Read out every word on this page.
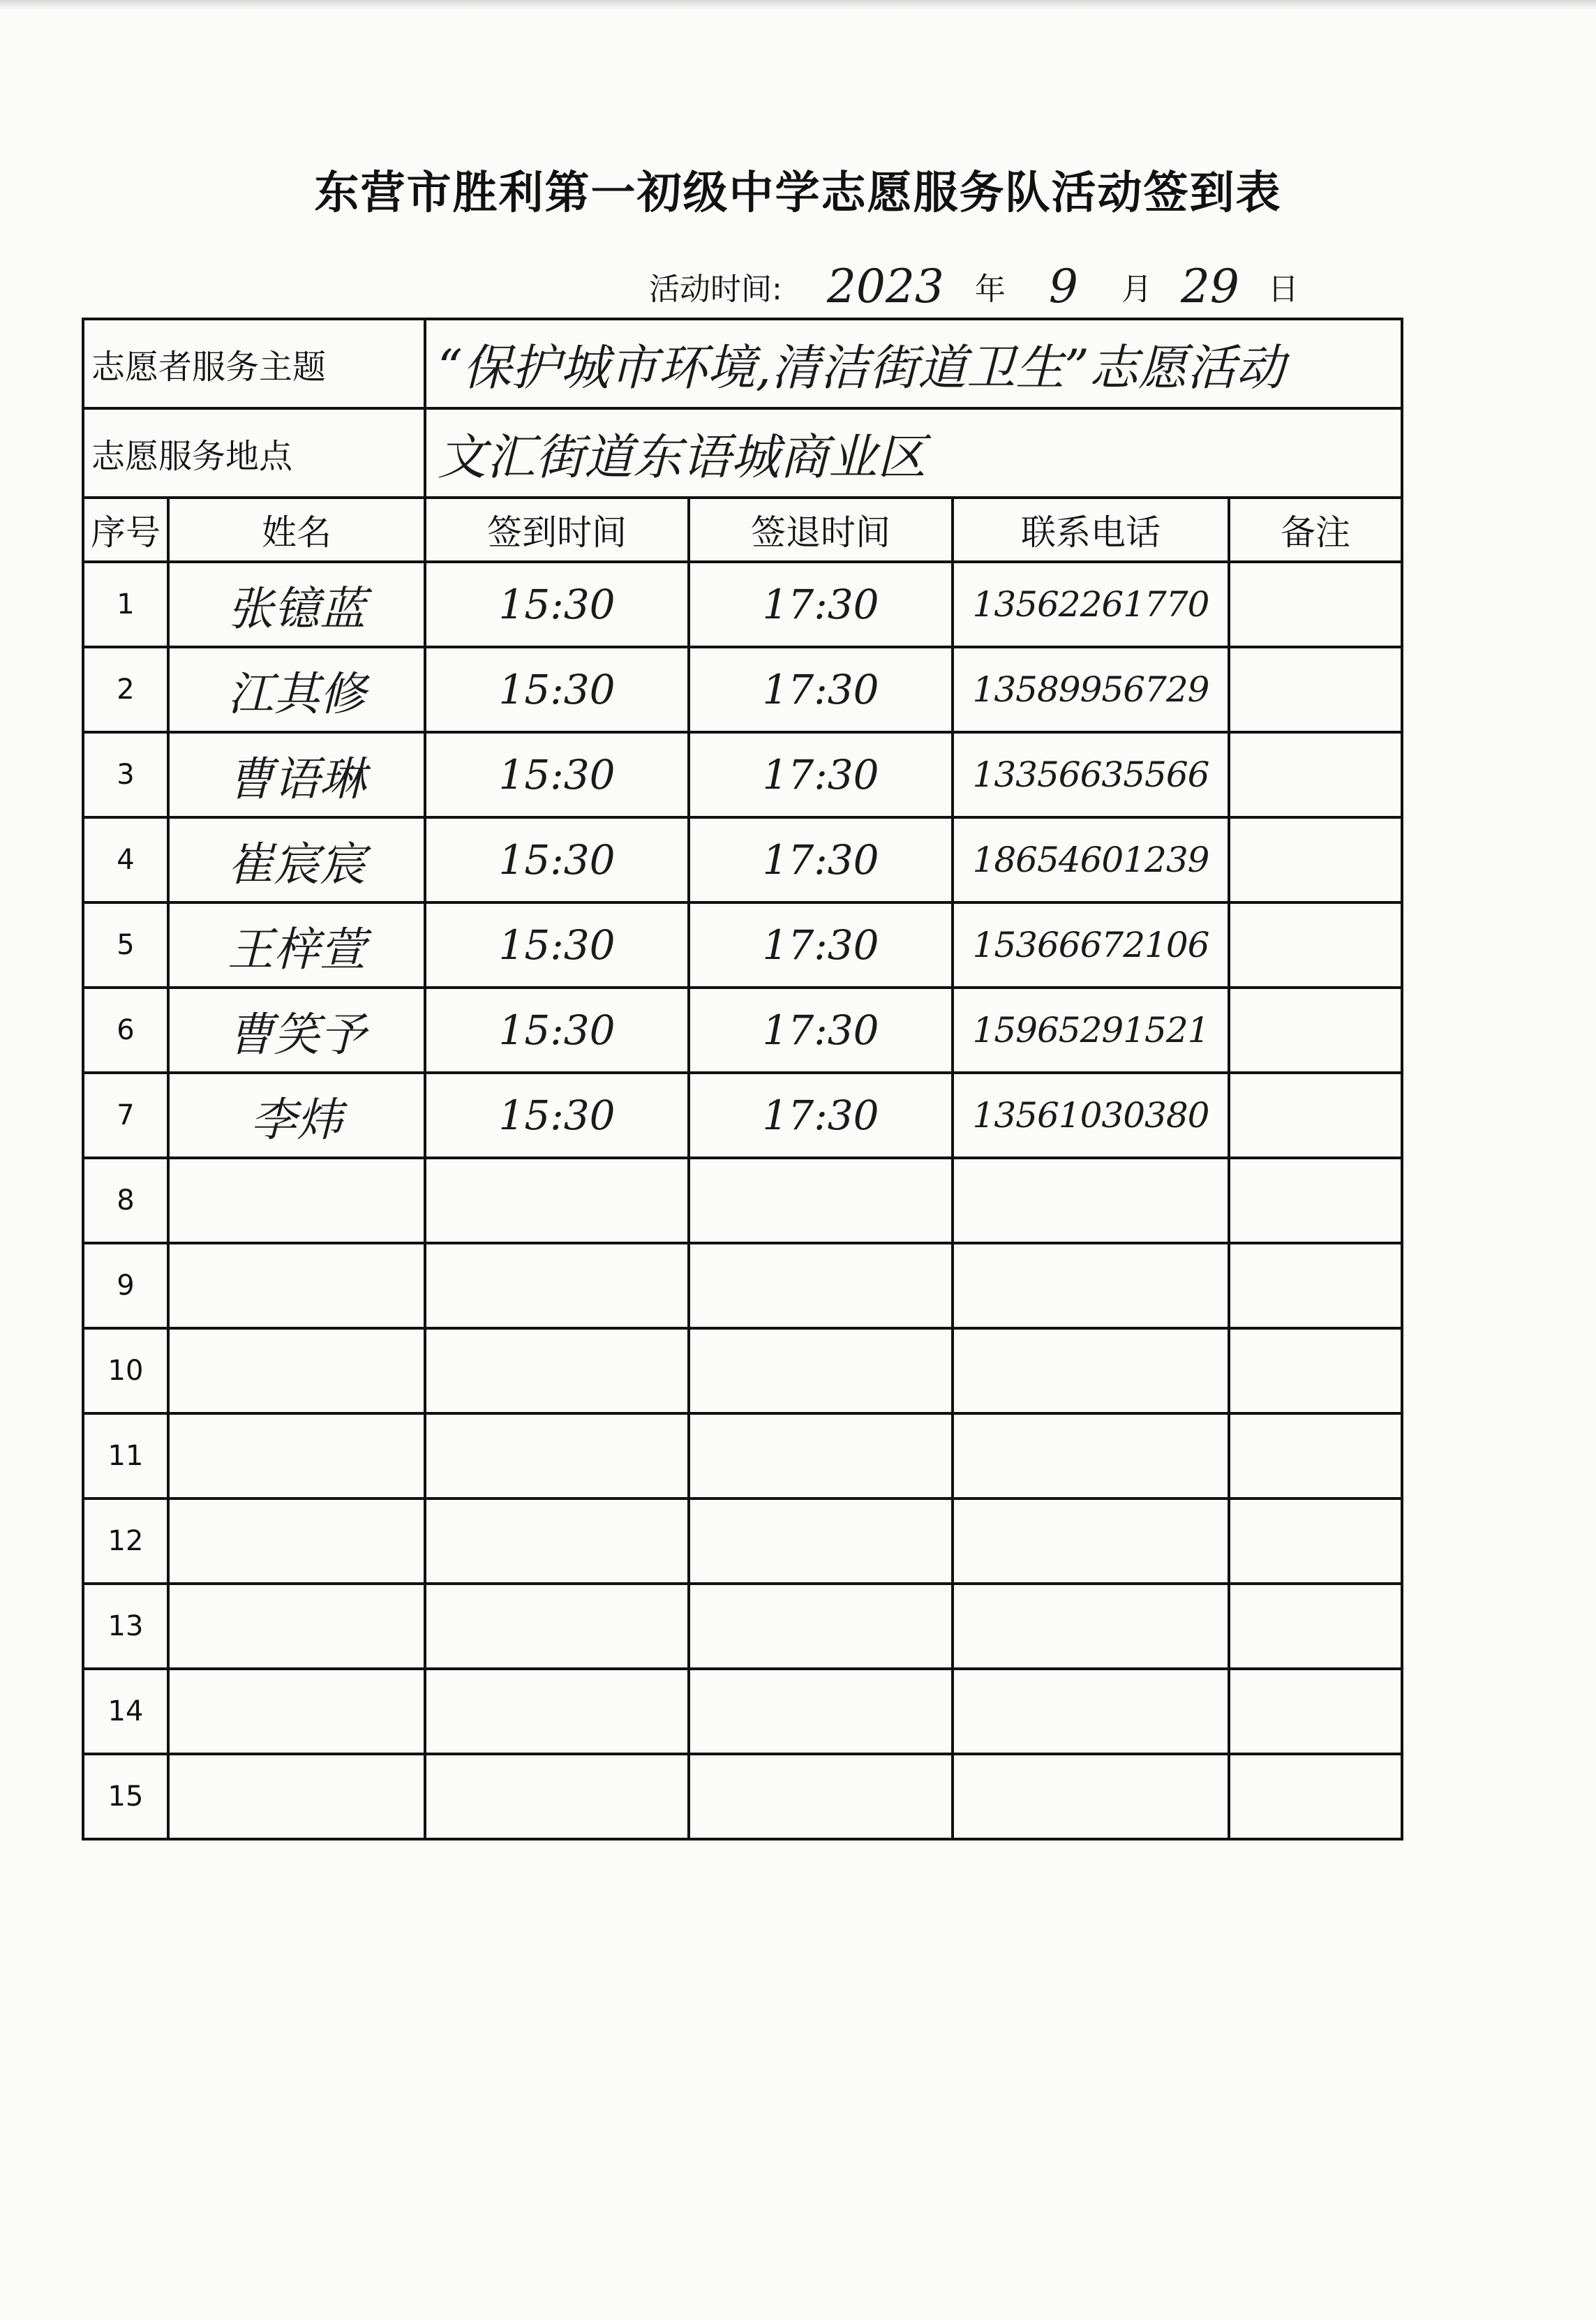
东营市胜利第一初级中学志愿服务队活动签到表
活动时间: 2023	年 9	月 29 日
志愿者服务主题		“保护城市环境,清洁街道卫生”志愿活动			
志愿服务地点		文汇街道东语城商业区			
序号	姓名	签到时间	签退时间	联系电话	备注
1	张镱蓝	15:30	17:30	13562261770	
2	江其修	15:30	17:30	13589956729	
3	曹语琳	15:30	17:30	13356635566	
4	崔宸宸	15:30	17:30	18654601239	
5	王梓萱	15:30	17:30	15366672106	
6	曹笑予	15:30	17:30	15965291521	
7	李炜	15:30	17:30	13561030380	
8					
9					
10					
11					
12					
13					
14					
15					
